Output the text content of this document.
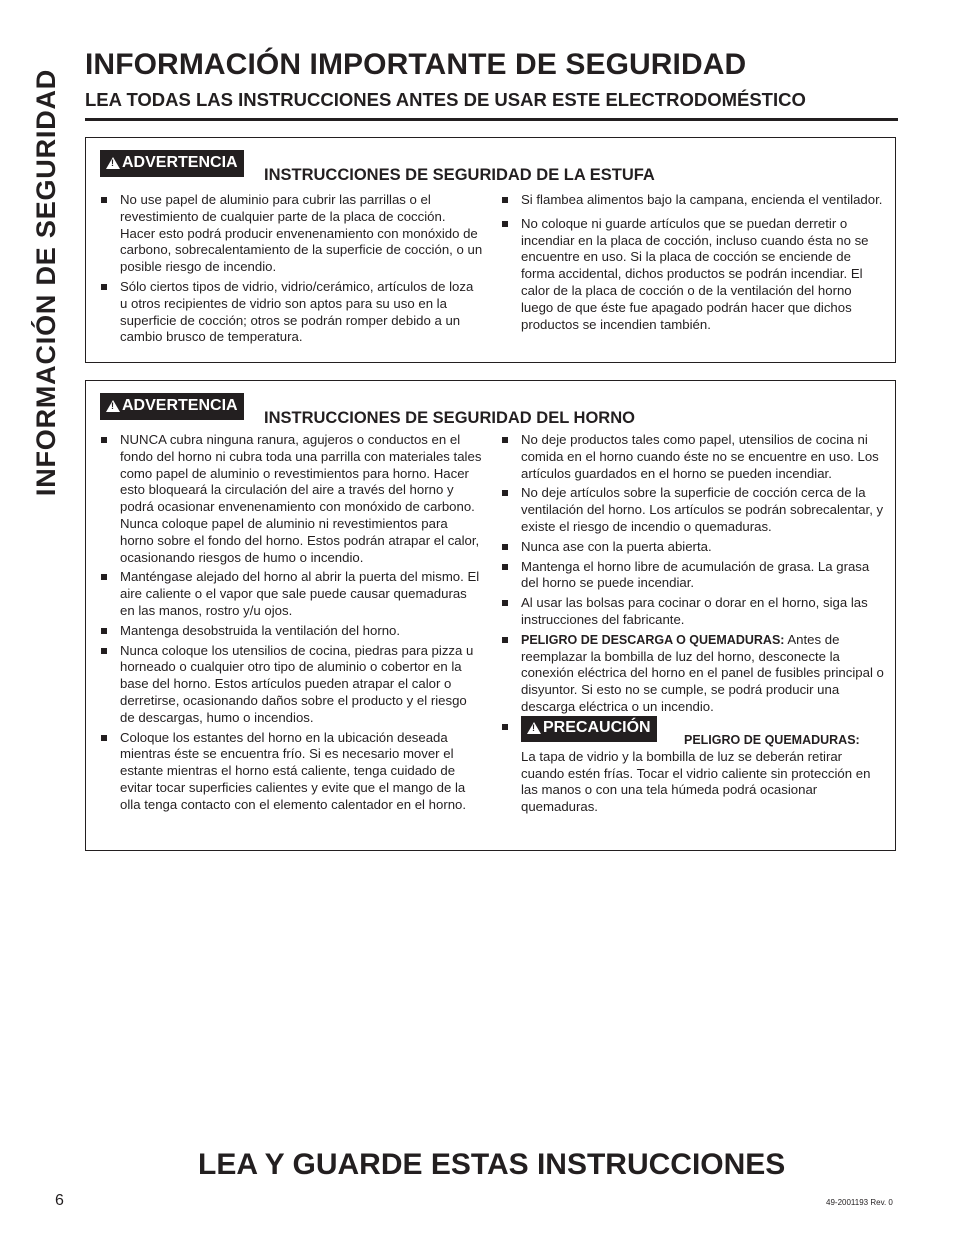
INFORMACIÓN DE SEGURIDAD
INFORMACIÓN IMPORTANTE DE SEGURIDAD
LEA TODAS LAS INSTRUCCIONES ANTES DE USAR ESTE ELECTRODOMÉSTICO
!
ADVERTENCIA
INSTRUCCIONES DE SEGURIDAD DE LA ESTUFA
No use papel de aluminio para cubrir las parrillas o el revestimiento de cualquier parte de la placa de cocción. Hacer esto podrá producir envenenamiento con monóxido de carbono, sobrecalentamiento de la superficie de cocción, o un posible riesgo de incendio.
Sólo ciertos tipos de vidrio, vidrio/cerámico, artículos de loza u otros recipientes de vidrio son aptos para su uso en la superficie de cocción; otros se podrán romper debido a un cambio brusco de temperatura.
Si flambea alimentos bajo la campana, encienda el ventilador.
No coloque ni guarde artículos que se puedan derretir o incendiar en la placa de cocción, incluso cuando ésta no se encuentre en uso. Si la placa de cocción se enciende de forma accidental, dichos productos se podrán incendiar. El calor de la placa de cocción o de la ventilación del horno luego de que éste fue apagado podrán hacer que dichos productos se incendien también.
!
ADVERTENCIA
INSTRUCCIONES DE SEGURIDAD DEL HORNO
NUNCA cubra ninguna ranura, agujeros o conductos en el fondo del horno ni cubra toda una parrilla con materiales tales como papel de aluminio o revestimientos para horno. Hacer esto bloqueará la circulación del aire a través del horno y podrá ocasionar envenenamiento con monóxido de carbono. Nunca coloque papel de aluminio ni revestimientos para horno sobre el fondo del horno. Estos podrán atrapar el calor, ocasionando riesgos de humo o incendio.
Manténgase alejado del horno al abrir la puerta del mismo. El aire caliente o el vapor que sale puede causar quemaduras en las manos, rostro y/u ojos.
Mantenga desobstruida la ventilación del horno.
Nunca coloque los utensilios de cocina, piedras para pizza u horneado o cualquier otro tipo de aluminio o cobertor en la base del horno. Estos artículos pueden atrapar el calor o derretirse, ocasionando daños sobre el producto y el riesgo de descargas, humo o incendios.
Coloque los estantes del horno en la ubicación deseada mientras éste se encuentra frío. Si es necesario mover el estante mientras el horno está caliente, tenga cuidado de evitar tocar superficies calientes y evite que el mango de la olla tenga contacto con el elemento calentador en el horno.
No deje productos tales como papel, utensilios de cocina ni comida en el horno cuando éste no se encuentre en uso. Los artículos guardados en el horno se pueden incendiar.
No deje artículos sobre la superficie de cocción cerca de la ventilación del horno. Los artículos se podrán sobrecalentar, y existe el riesgo de incendio o quemaduras.
Nunca ase con la puerta abierta.
Mantenga el horno libre de acumulación de grasa. La grasa del horno se puede incendiar.
Al usar las bolsas para cocinar o dorar en el horno, siga las instrucciones del fabricante.
PELIGRO DE DESCARGA O QUEMADURAS: Antes de reemplazar la bombilla de luz del horno, desconecte la conexión eléctrica del horno en el panel de fusibles principal o disyuntor. Si esto no se cumple, se podrá producir una descarga eléctrica o un incendio.
!
PRECAUCIÓN
PELIGRO DE QUEMADURAS:
La tapa de vidrio y la bombilla de luz se deberán retirar cuando estén frías. Tocar el vidrio caliente sin protección en las manos o con una tela húmeda podrá ocasionar quemaduras.
LEA Y GUARDE ESTAS INSTRUCCIONES
6	49-2001193 Rev. 0
